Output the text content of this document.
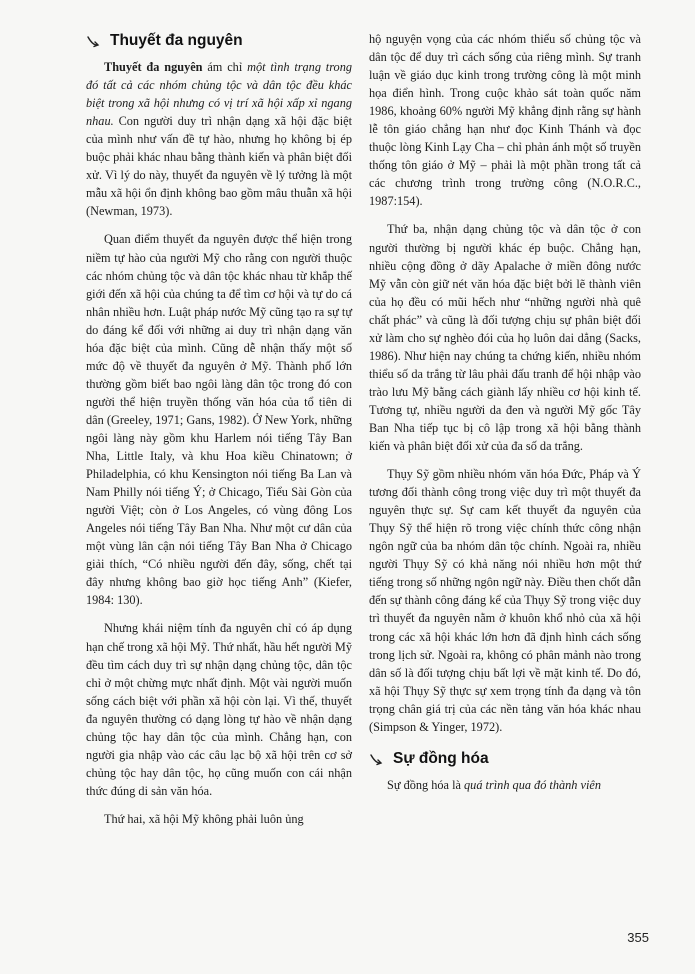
Thuyết đa nguyên

Thuyết đa nguyên ám chỉ một tình trạng trong đó tất cả các nhóm chủng tộc và dân tộc đều khác biệt trong xã hội nhưng có vị trí xã hội xấp xỉ ngang nhau. Con người duy trì nhận dạng xã hội đặc biệt của mình như vấn đề tự hào, nhưng họ không bị ép buộc phải khác nhau bằng thành kiến và phân biệt đối xử. Vì lý do này, thuyết đa nguyên về lý tưởng là một mẫu xã hội ổn định không bao gồm mâu thuẫn xã hội (Newman, 1973).

Quan điểm thuyết đa nguyên được thể hiện trong niềm tự hào của người Mỹ cho rằng con người thuộc các nhóm chủng tộc và dân tộc khác nhau từ khắp thế giới đến xã hội của chúng ta để tìm cơ hội và tự do cá nhân nhiều hơn. Luật pháp nước Mỹ cũng tạo ra sự tự do đáng kể đối với những ai duy trì nhận dạng văn hóa đặc biệt của mình. Cũng dễ nhận thấy một số mức độ về thuyết đa nguyên ở Mỹ. Thành phố lớn thường gồm biết bao ngôi làng dân tộc trong đó con người thể hiện truyền thống văn hóa của tổ tiên di dân (Greeley, 1971; Gans, 1982). Ở New York, những ngôi làng này gồm khu Harlem nói tiếng Tây Ban Nha, Little Italy, và khu Hoa kiều Chinatown; ở Philadelphia, có khu Kensington nói tiếng Ba Lan và Nam Philly nói tiếng Ý; ở Chicago, Tiểu Sài Gòn của người Việt; còn ở Los Angeles, có vùng đông Los Angeles nói tiếng Tây Ban Nha. Như một cư dân của một vùng lân cận nói tiếng Tây Ban Nha ở Chicago giải thích, “Có nhiều người đến đây, sống, chết tại đây nhưng không bao giờ học tiếng Anh” (Kiefer, 1984: 130).

Nhưng khái niệm tính đa nguyên chỉ có áp dụng hạn chế trong xã hội Mỹ. Thứ nhất, hầu hết người Mỹ đều tìm cách duy trì sự nhận dạng chủng tộc, dân tộc chỉ ở một chừng mực nhất định. Một vài người muốn sống cách biệt với phần xã hội còn lại. Vì thế, thuyết đa nguyên thường có dạng lòng tự hào về nhận dạng chủng tộc hay dân tộc của mình. Chẳng hạn, con người gia nhập vào các câu lạc bộ xã hội trên cơ sở chủng tộc hay dân tộc, họ cũng muốn con cái nhận thức đúng di sản văn hóa.

Thứ hai, xã hội Mỹ không phải luôn ủng

hộ nguyện vọng của các nhóm thiểu số chủng tộc và dân tộc để duy trì cách sống của riêng mình. Sự tranh luận về giáo dục kinh trong trường công là một minh họa điển hình. Trong cuộc khảo sát toàn quốc năm 1986, khoảng 60% người Mỹ khẳng định rằng sự hành lễ tôn giáo chẳng hạn như đọc Kinh Thánh và đọc thuộc lòng Kinh Lạy Cha – chỉ phản ánh một số truyền thống tôn giáo ở Mỹ – phải là một phần trong tất cả các chương trình trong trường công (N.O.R.C., 1987:154).

Thứ ba, nhận dạng chủng tộc và dân tộc ở con người thường bị người khác ép buộc. Chẳng hạn, nhiều cộng đồng ở dãy Apalache ở miền đông nước Mỹ vẫn còn giữ nét văn hóa đặc biệt bởi lẽ thành viên của họ đều có mũi hếch như “những người nhà quê chất phác” và cũng là đối tượng chịu sự phân biệt đối xử làm cho sự nghèo đói của họ luôn dai dẳng (Sacks, 1986). Như hiện nay chúng ta chứng kiến, nhiều nhóm thiểu số da trắng từ lâu phải đấu tranh để hội nhập vào trào lưu Mỹ bằng cách giành lấy nhiều cơ hội kinh tế. Tương tự, nhiều người da đen và người Mỹ gốc Tây Ban Nha tiếp tục bị cô lập trong xã hội bằng thành kiến và phân biệt đối xử của đa số da trắng.

Thụy Sỹ gồm nhiều nhóm văn hóa Đức, Pháp và Ý tương đối thành công trong việc duy trì một thuyết đa nguyên thực sự. Sự cam kết thuyết đa nguyên của Thụy Sỹ thể hiện rõ trong việc chính thức công nhận ngôn ngữ của ba nhóm dân tộc chính. Ngoài ra, nhiều người Thụy Sỹ có khả năng nói nhiều hơn một thứ tiếng trong số những ngôn ngữ này. Điều then chốt dẫn đến sự thành công đáng kể của Thụy Sỹ trong việc duy trì thuyết đa nguyên nằm ở khuôn khổ nhỏ của xã hội trong các xã hội khác lớn hơn đã định hình cách sống trong lịch sử. Ngoài ra, không có phân mảnh nào trong dân số là đối tượng chịu bất lợi về mặt kinh tế. Do đó, xã hội Thụy Sỹ thực sự xem trọng tính đa dạng và tôn trọng chân giá trị của các nền tảng văn hóa khác nhau (Simpson & Yinger, 1972).

Sự đồng hóa

Sự đồng hóa là quá trình qua đó thành viên

355
